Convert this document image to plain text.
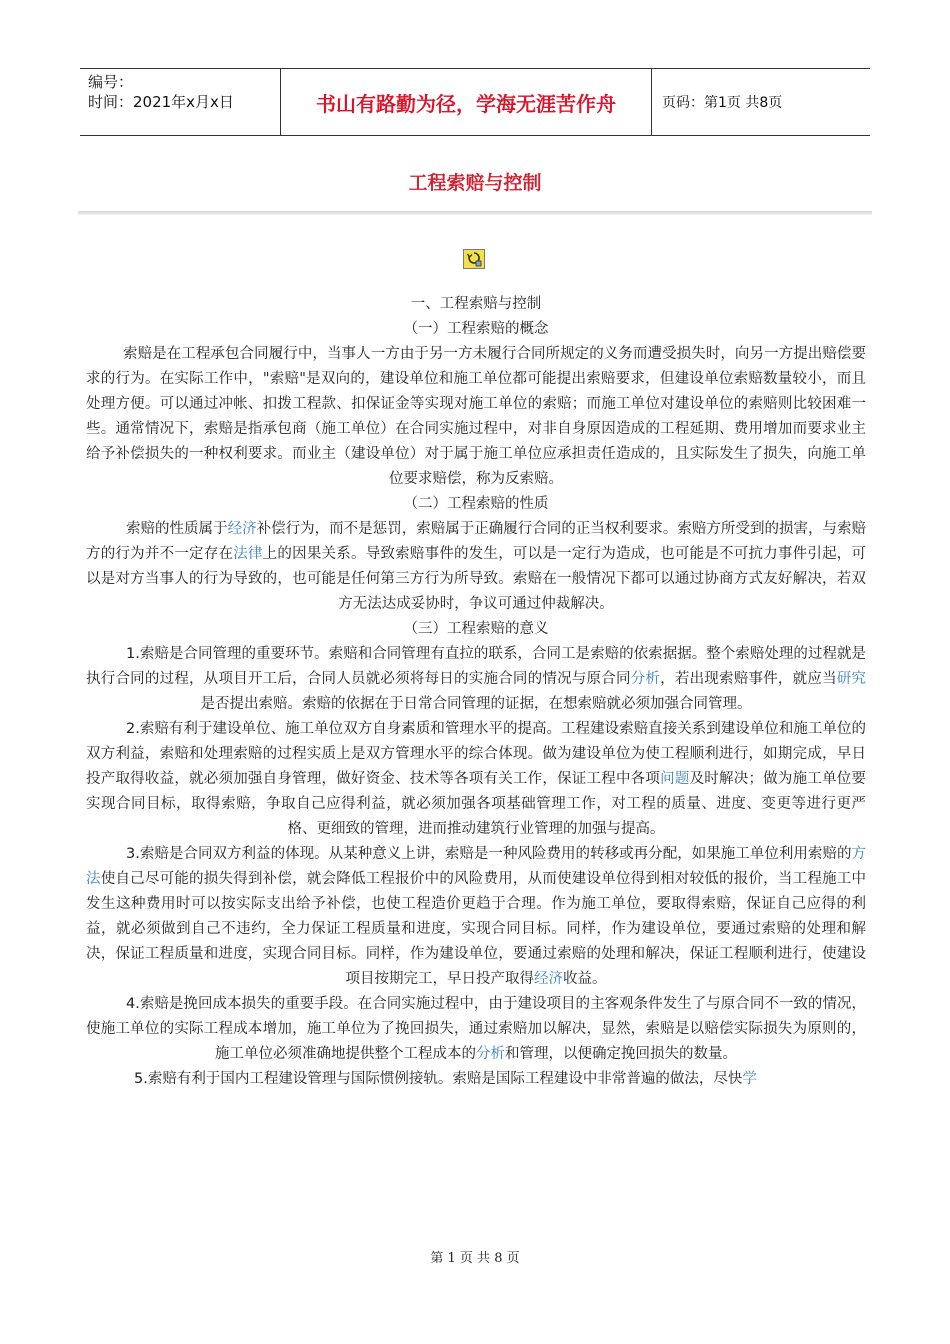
编号：
时间：2021年x月x日	书山有路勤为径，学海无涯苦作舟	页码：第1页 共8页
工程索赔与控制

一、工程索赔与控制

（一）工程索赔的概念

索赔是在工程承包合同履行中，当事人一方由于另一方未履行合同所规定的义务而遭受损失时，向另一方提出赔偿要求的行为。在实际工作中，"索赔"是双向的，建设单位和施工单位都可能提出索赔要求，但建设单位索赔数量较小，而且处理方便。可以通过冲帐、扣拨工程款、扣保证金等实现对施工单位的索赔；而施工单位对建设单位的索赔则比较困难一些。通常情况下，索赔是指承包商（施工单位）在合同实施过程中，对非自身原因造成的工程延期、费用增加而要求业主给予补偿损失的一种权利要求。而业主（建设单位）对于属于施工单位应承担责任造成的，且实际发生了损失，向施工单位要求赔偿，称为反索赔。

（二）工程索赔的性质

索赔的性质属于经济补偿行为，而不是惩罚，索赔属于正确履行合同的正当权利要求。索赔方所受到的损害，与索赔方的行为并不一定存在法律上的因果关系。导致索赔事件的发生，可以是一定行为造成，也可能是不可抗力事件引起，可以是对方当事人的行为导致的，也可能是任何第三方行为所导致。索赔在一般情况下都可以通过协商方式友好解决，若双方无法达成妥协时，争议可通过仲裁解决。

（三）工程索赔的意义

1.索赔是合同管理的重要环节。索赔和合同管理有直拉的联系，合同工是索赔的依索据据。整个索赔处理的过程就是执行合同的过程，从项目开工后，合同人员就必须将每日的实施合同的情况与原合同分析，若出现索赔事件，就应当研究是否提出索赔。索赔的依据在于日常合同管理的证据，在想索赔就必须加强合同管理。

2.索赔有利于建设单位、施工单位双方自身素质和管理水平的提高。工程建设索赔直接关系到建设单位和施工单位的双方利益，索赔和处理索赔的过程实质上是双方管理水平的综合体现。做为建设单位为使工程顺利进行，如期完成，早日投产取得收益，就必须加强自身管理，做好资金、技术等各项有关工作，保证工程中各项问题及时解决；做为施工单位要实现合同目标，取得索赔，争取自己应得利益，就必须加强各项基础管理工作，对工程的质量、进度、变更等进行更严格、更细致的管理，进而推动建筑行业管理的加强与提高。

3.索赔是合同双方利益的体现。从某种意义上讲，索赔是一种风险费用的转移或再分配，如果施工单位利用索赔的方法使自己尽可能的损失得到补偿，就会降低工程报价中的风险费用，从而使建设单位得到相对较低的报价，当工程施工中发生这种费用时可以按实际支出给予补偿，也使工程造价更趋于合理。作为施工单位，要取得索赔，保证自己应得的利益，就必须做到自己不违约，全力保证工程质量和进度，实现合同目标。同样，作为建设单位，要通过索赔的处理和解决，保证工程质量和进度，实现合同目标。同样，作为建设单位，要通过索赔的处理和解决，保证工程顺利进行，使建设项目按期完工，早日投产取得经济收益。

4.索赔是挽回成本损失的重要手段。在合同实施过程中，由于建设项目的主客观条件发生了与原合同不一致的情况，使施工单位的实际工程成本增加，施工单位为了挽回损失，通过索赔加以解决，显然，索赔是以赔偿实际损失为原则的，施工单位必须准确地提供整个工程成本的分析和管理，以便确定挽回损失的数量。

5.索赔有利于国内工程建设管理与国际惯例接轨。索赔是国际工程建设中非常普遍的做法，尽快学

第 1 页 共 8 页
